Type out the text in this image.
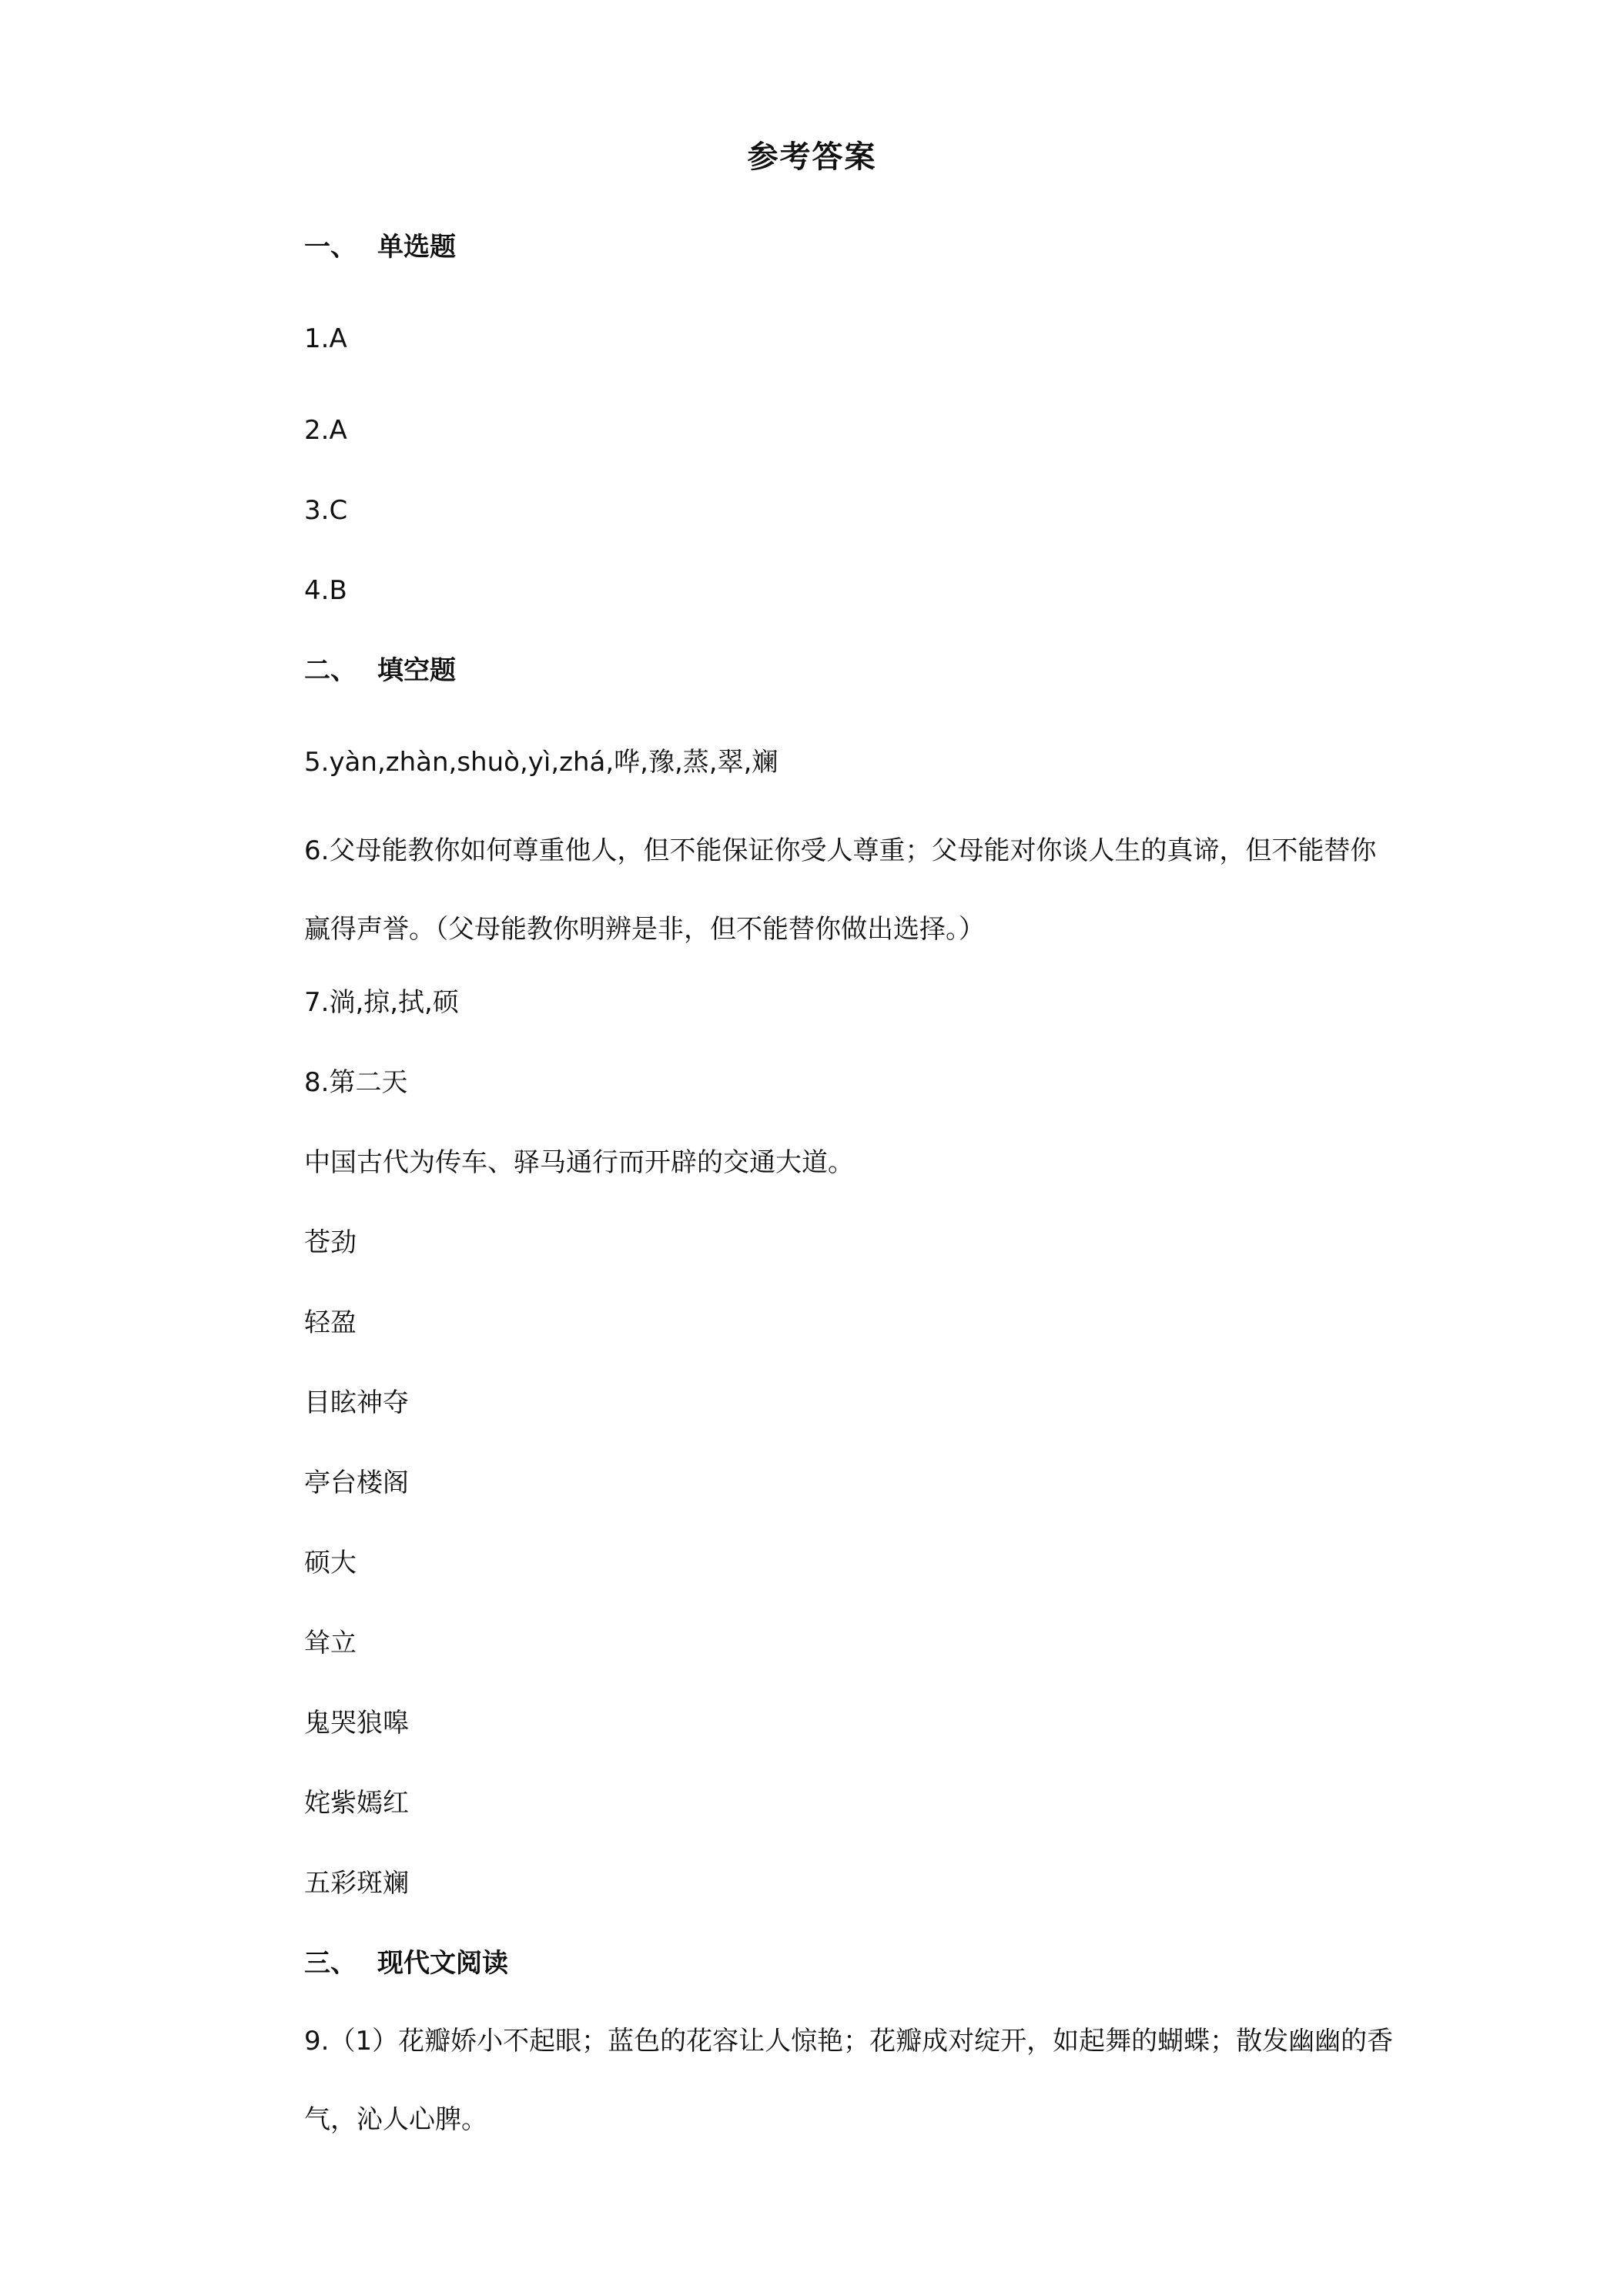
参考答案
一、 单选题
1.A
2.A
3.C
4.B
二、 填空题
5.yàn,zhàn,shuò,yì,zhá,哗,豫,蒸,翠,斓
6.父母能教你如何尊重他人，但不能保证你受人尊重；父母能对你谈人生的真谛，但不能替你赢得声誉。（父母能教你明辨是非，但不能替你做出选择。）
7.淌,掠,拭,硕
8.第二天
中国古代为传车、驿马通行而开辟的交通大道。
苍劲
轻盈
目眩神夺
亭台楼阁
硕大
耸立
鬼哭狼嗥
姹紫嫣红
五彩斑斓
三、 现代文阅读
9.（1）花瓣娇小不起眼；蓝色的花容让人惊艳；花瓣成对绽开，如起舞的蝴蝶；散发幽幽的香气，沁人心脾。
